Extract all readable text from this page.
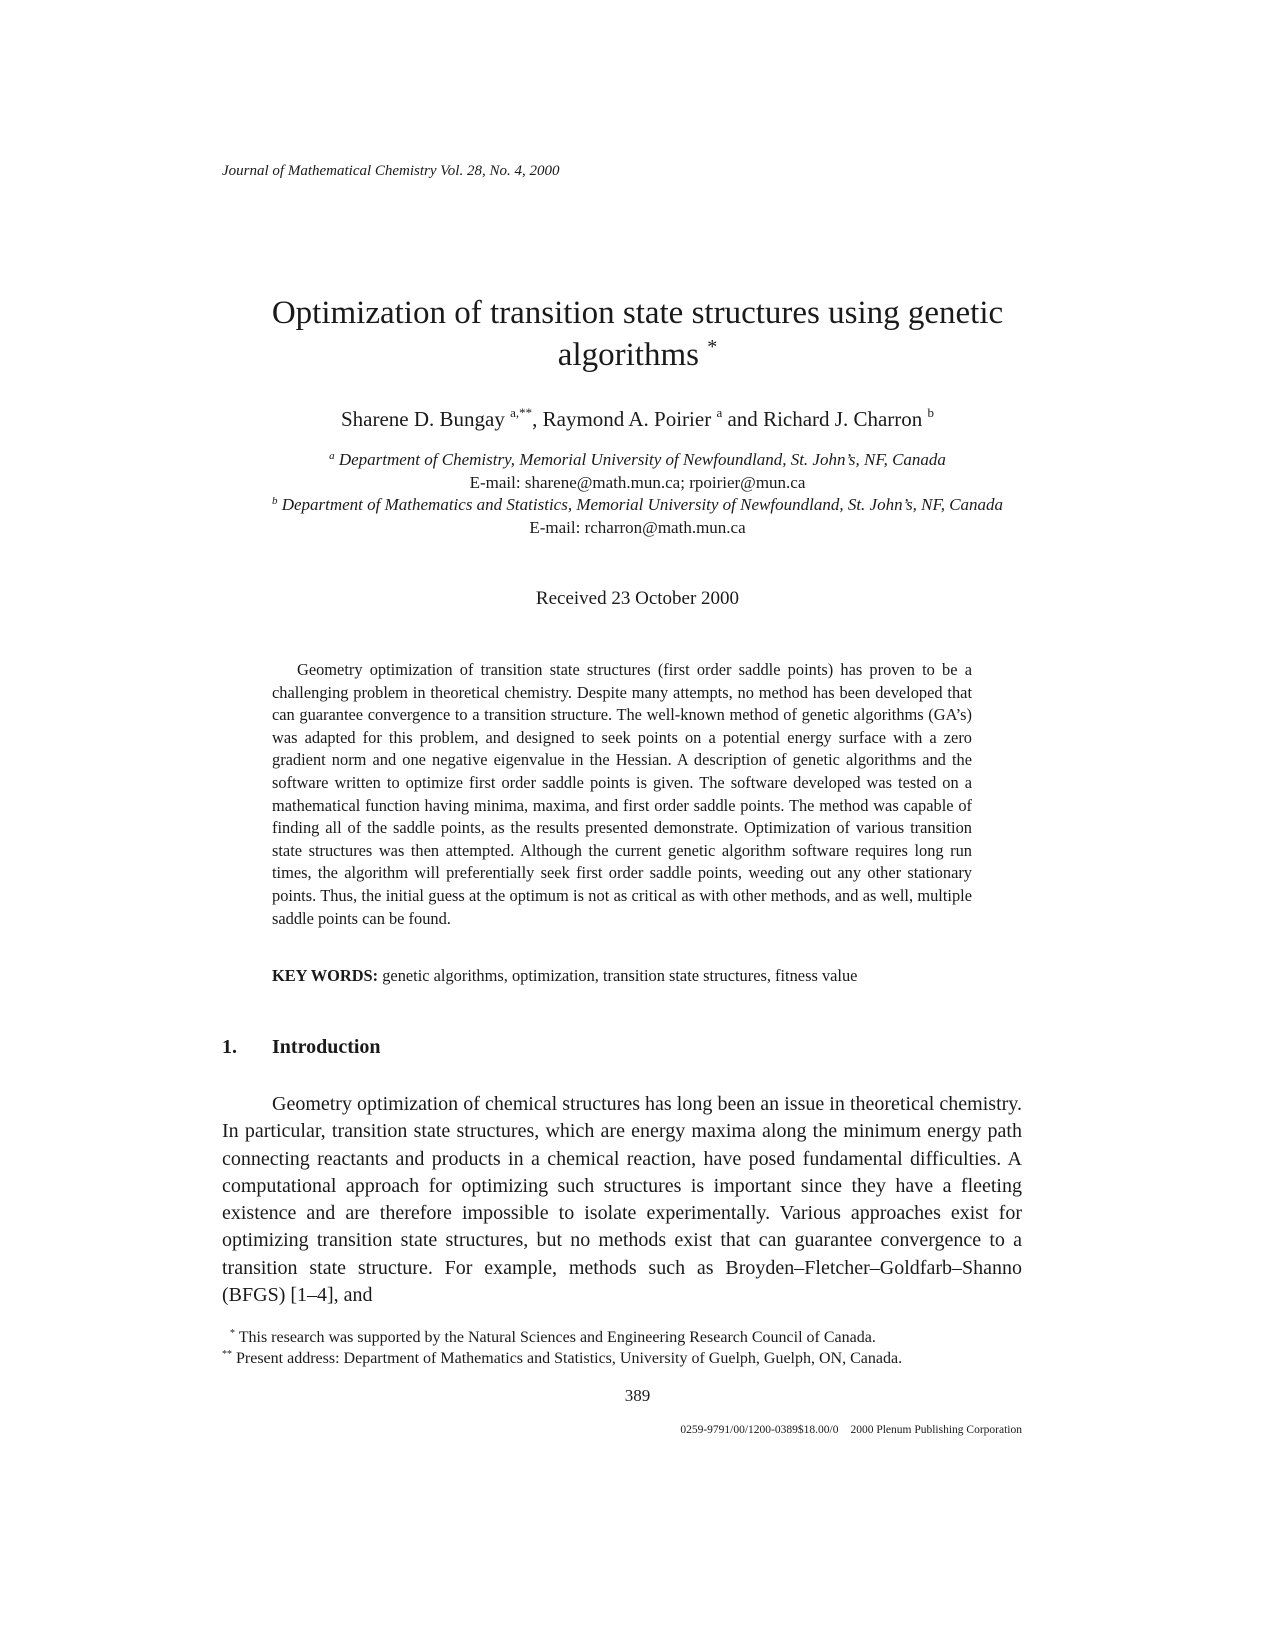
Journal of Mathematical Chemistry Vol. 28, No. 4, 2000
Optimization of transition state structures using genetic algorithms *
Sharene D. Bungay $^{a,**}$, Raymond A. Poirier $^a$ and Richard J. Charron $^b$
$^a$ Department of Chemistry, Memorial University of Newfoundland, St. John’s, NF, Canada
E-mail: sharene@math.mun.ca; rpoirier@mun.ca
$^b$ Department of Mathematics and Statistics, Memorial University of Newfoundland, St. John’s, NF, Canada
E-mail: rcharron@math.mun.ca
Received 23 October 2000

Geometry optimization of transition state structures (first order saddle points) has proven to be a challenging problem in theoretical chemistry. Despite many attempts, no method has been developed that can guarantee convergence to a transition structure. The well-known method of genetic algorithms (GA’s) was adapted for this problem, and designed to seek points on a potential energy surface with a zero gradient norm and one negative eigenvalue in the Hessian. A description of genetic algorithms and the software written to optimize first order saddle points is given. The software developed was tested on a mathematical function having minima, maxima, and first order saddle points. The method was capable of finding all of the saddle points, as the results presented demonstrate. Optimization of various transition state structures was then attempted. Although the current genetic algorithm software requires long run times, the algorithm will preferentially seek first order saddle points, weeding out any other stationary points. Thus, the initial guess at the optimum is not as critical as with other methods, and as well, multiple saddle points can be found.

KEY WORDS: genetic algorithms, optimization, transition state structures, fitness value
1. Introduction

Geometry optimization of chemical structures has long been an issue in theoretical chemistry. In particular, transition state structures, which are energy maxima along the minimum energy path connecting reactants and products in a chemical reaction, have posed fundamental difficulties. A computational approach for optimizing such structures is important since they have a fleeting existence and are therefore impossible to isolate experimentally. Various approaches exist for optimizing transition state structures, but no methods exist that can guarantee convergence to a transition state structure. For example, methods such as Broyden–Fletcher–Goldfarb–Shanno (BFGS) [1–4], and

* This research was supported by the Natural Sciences and Engineering Research Council of Canada.
** Present address: Department of Mathematics and Statistics, University of Guelph, Guelph, ON, Canada.
389
0259-9791/00/1200-0389$18.00/0 2000 Plenum Publishing Corporation
